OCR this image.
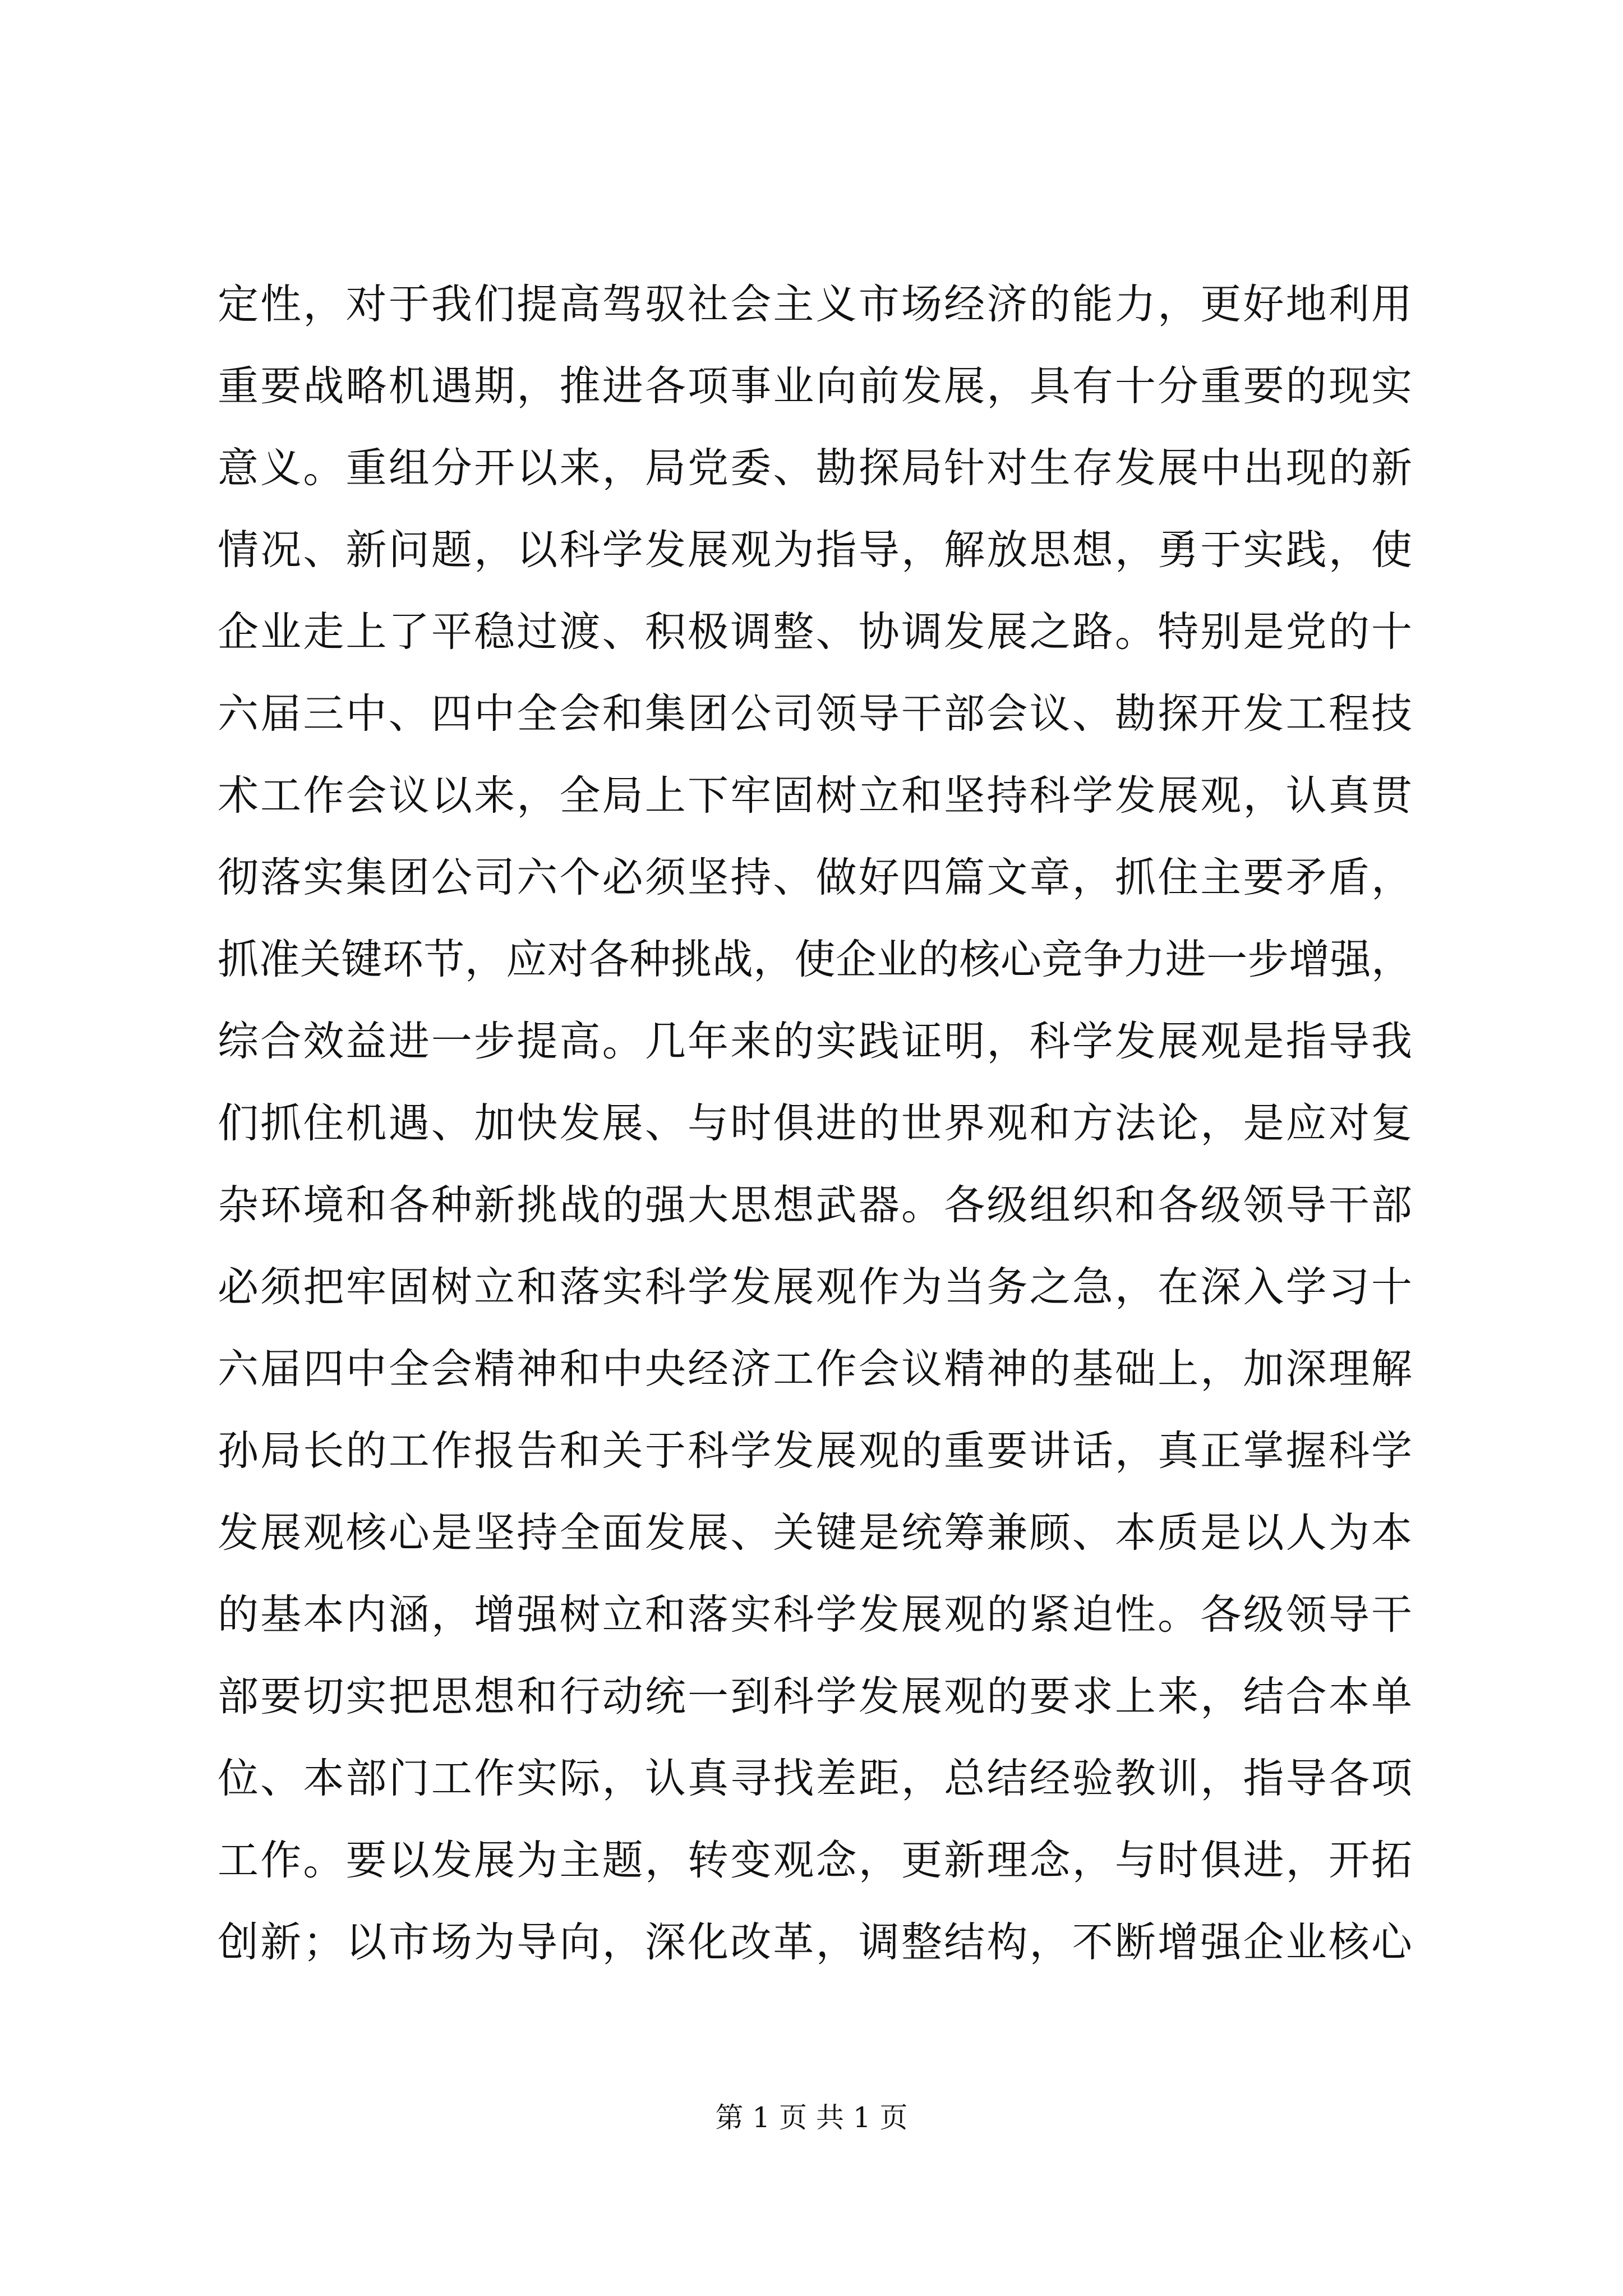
定性，对于我们提高驾驭社会主义市场经济的能力，更好地利用
重要战略机遇期，推进各项事业向前发展，具有十分重要的现实
意义。重组分开以来，局党委、勘探局针对生存发展中出现的新
情况、新问题，以科学发展观为指导，解放思想，勇于实践，使
企业走上了平稳过渡、积极调整、协调发展之路。特别是党的十
六届三中、四中全会和集团公司领导干部会议、勘探开发工程技
术工作会议以来，全局上下牢固树立和坚持科学发展观，认真贯
彻落实集团公司六个必须坚持、做好四篇文章，抓住主要矛盾，
抓准关键环节，应对各种挑战，使企业的核心竞争力进一步增强，
综合效益进一步提高。几年来的实践证明，科学发展观是指导我
们抓住机遇、加快发展、与时俱进的世界观和方法论，是应对复
杂环境和各种新挑战的强大思想武器。各级组织和各级领导干部
必须把牢固树立和落实科学发展观作为当务之急，在深入学习十
六届四中全会精神和中央经济工作会议精神的基础上，加深理解
孙局长的工作报告和关于科学发展观的重要讲话，真正掌握科学
发展观核心是坚持全面发展、关键是统筹兼顾、本质是以人为本
的基本内涵，增强树立和落实科学发展观的紧迫性。各级领导干
部要切实把思想和行动统一到科学发展观的要求上来，结合本单
位、本部门工作实际，认真寻找差距，总结经验教训，指导各项
工作。要以发展为主题，转变观念，更新理念，与时俱进，开拓
创新；以市场为导向，深化改革，调整结构，不断增强企业核心
第 1 页 共 1 页
